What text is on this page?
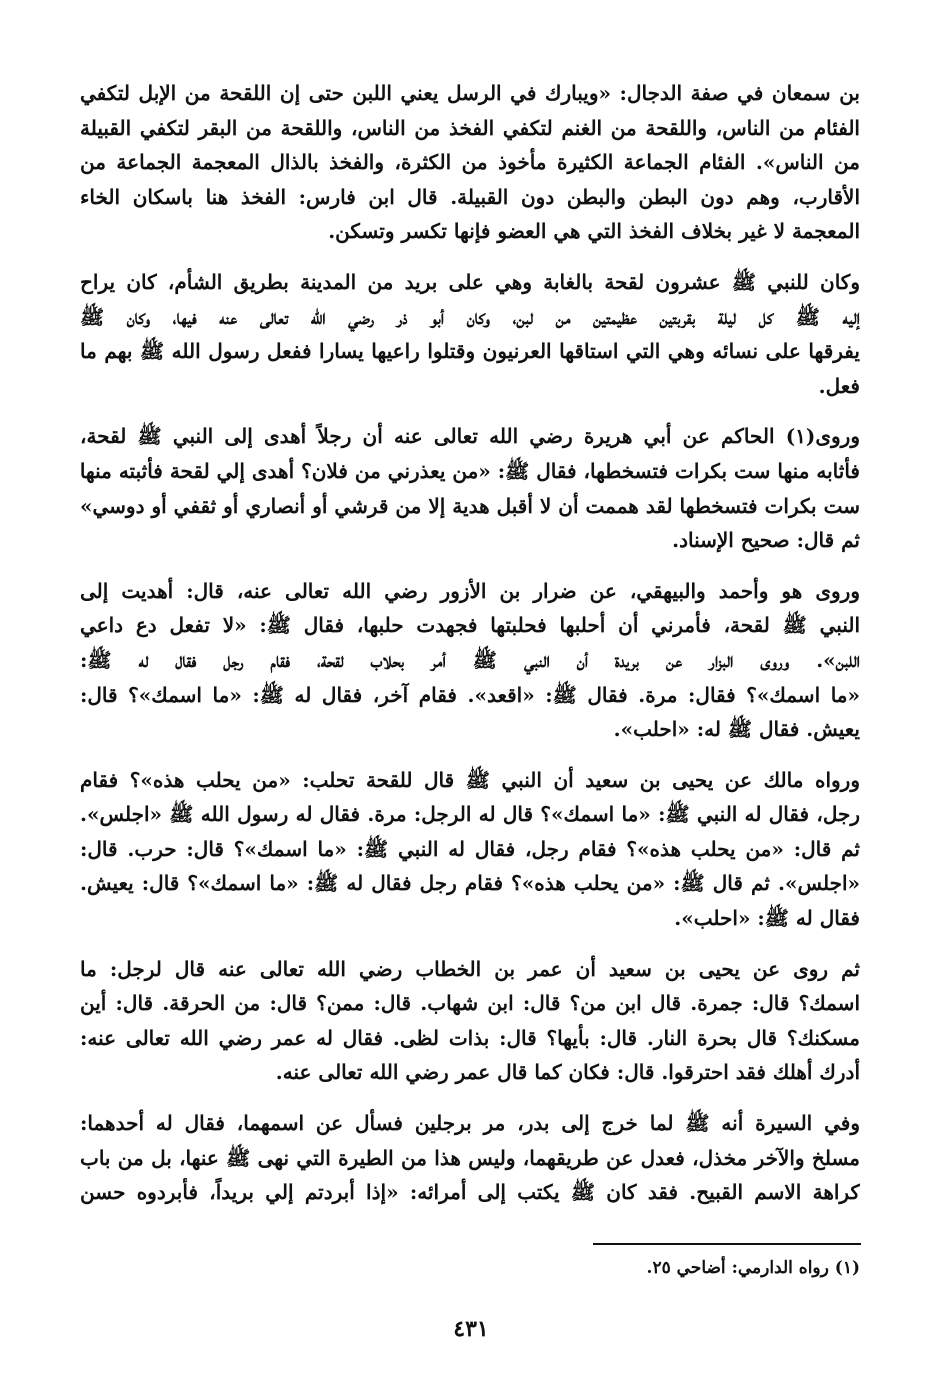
بن سمعان في صفة الدجال: «ويبارك في الرسل يعني اللبن حتى إن اللقحة من الإبل لتكفي
الفئام من الناس، واللقحة من الغنم لتكفي الفخذ من الناس، واللقحة من البقر لتكفي القبيلة
من الناس». الفئام الجماعة الكثيرة مأخوذ من الكثرة، والفخذ بالذال المعجمة الجماعة من
الأقارب، وهم دون البطن والبطن دون القبيلة. قال ابن فارس: الفخذ هنا باسكان الخاء
المعجمة لا غير بخلاف الفخذ التي هي العضو فإنها تكسر وتسكن.
وكان للنبي ﷺ عشرون لقحة بالغابة وهي على بريد من المدينة بطريق الشأم، كان يراح
إليه ﷺ كل ليلة بقربتين عظيمتين من لبن، وكان أبو ذر رضي الله تعالى عنه فيها، وكان ﷺ
يفرقها على نسائه وهي التي استاقها العرنيون وقتلوا راعيها يسارا ففعل رسول الله ﷺ بهم ما
فعل.
وروى(١) الحاكم عن أبي هريرة رضي الله تعالى عنه أن رجلاً أهدى إلى النبي ﷺ لقحة،
فأثابه منها ست بكرات فتسخطها، فقال ﷺ: «من يعذرني من فلان؟ أهدى إلي لقحة فأثبته منها
ست بكرات فتسخطها لقد هممت أن لا أقبل هدية إلا من قرشي أو أنصاري أو ثقفي أو دوسي»
ثم قال: صحيح الإسناد.
وروى هو وأحمد والبيهقي، عن ضرار بن الأزور رضي الله تعالى عنه، قال: أهديت إلى
النبي ﷺ لقحة، فأمرني أن أحلبها فحلبتها فجهدت حلبها، فقال ﷺ: «لا تفعل دع داعي
اللبن». وروى البزار عن بريدة أن النبي ﷺ أمر بحلاب لقحة، فقام رجل فقال له ﷺ:
«ما اسمك»؟ فقال: مرة. فقال ﷺ: «اقعد». فقام آخر، فقال له ﷺ: «ما اسمك»؟ قال:
يعيش. فقال ﷺ له: «احلب».
ورواه مالك عن يحيى بن سعيد أن النبي ﷺ قال للقحة تحلب: «من يحلب هذه»؟ فقام
رجل، فقال له النبي ﷺ: «ما اسمك»؟ قال له الرجل: مرة. فقال له رسول الله ﷺ «اجلس».
ثم قال: «من يحلب هذه»؟ فقام رجل، فقال له النبي ﷺ: «ما اسمك»؟ قال: حرب. قال:
«اجلس». ثم قال ﷺ: «من يحلب هذه»؟ فقام رجل فقال له ﷺ: «ما اسمك»؟ قال: يعيش.
فقال له ﷺ: «احلب».
ثم روى عن يحيى بن سعيد أن عمر بن الخطاب رضي الله تعالى عنه قال لرجل: ما
اسمك؟ قال: جمرة. قال ابن من؟ قال: ابن شهاب. قال: ممن؟ قال: من الحرقة. قال: أين
مسكنك؟ قال بحرة النار. قال: بأيها؟ قال: بذات لظى. فقال له عمر رضي الله تعالى عنه:
أدرك أهلك فقد احترقوا. قال: فكان كما قال عمر رضي الله تعالى عنه.
وفي السيرة أنه ﷺ لما خرج إلى بدر، مر برجلين فسأل عن اسمهما، فقال له أحدهما:
مسلخ والآخر مخذل، فعدل عن طريقهما، وليس هذا من الطيرة التي نهى ﷺ عنها، بل من باب
كراهة الاسم القبيح. فقد كان ﷺ يكتب إلى أمرائه: «إذا أبردتم إلي بريداً، فأبردوه حسن
(١) رواه الدارمي: أضاحي ٢٥.
٤٣١
